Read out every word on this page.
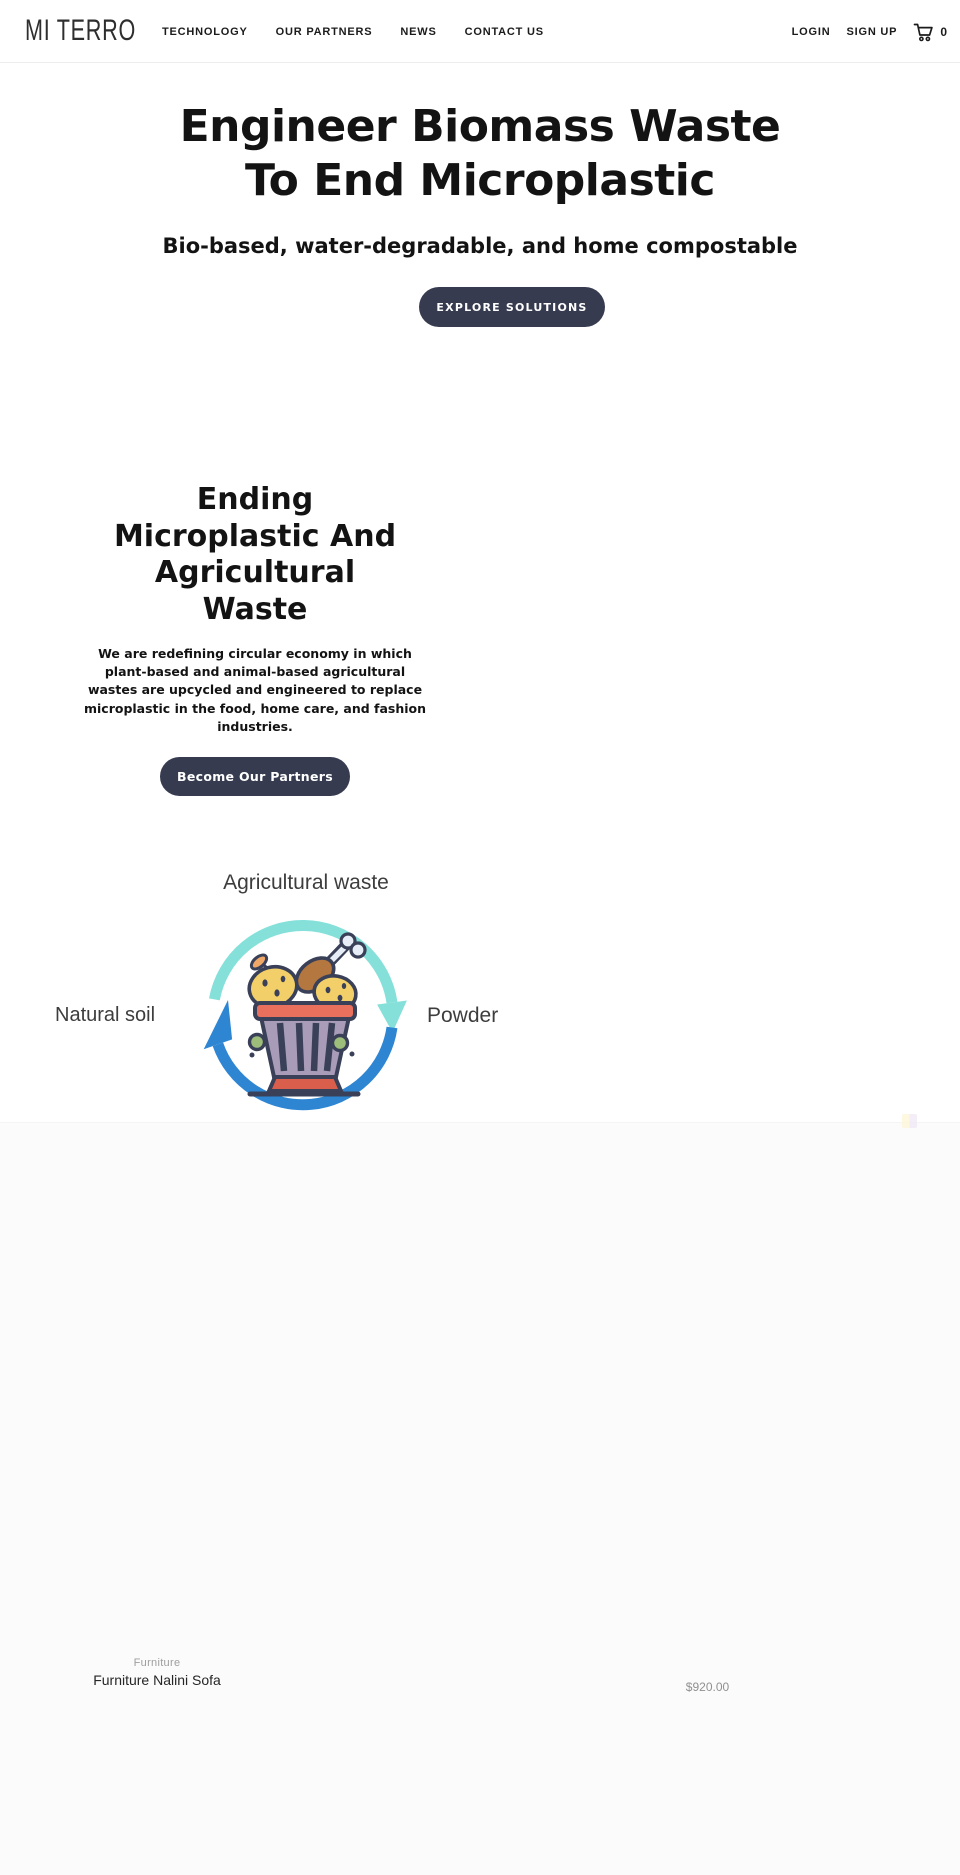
MI TERRO TECHNOLOGY	OUR PARTNERS	NEWS	CONTACT US	LOGIN SIGN UP	0
Engineer Biomass Waste
To End Microplastic
Bio-based, water-degradable, and home compostable
EXPLORE SOLUTIONS
Ending
Microplastic And
Agricultural
Waste
We are redefining circular economy in which plant-based and animal-based agricultural wastes are upcycled and engineered to replace microplastic in the food, home care, and fashion industries.
Become Our Partners
Agricultural waste
Natural soil	Powder
Furniture
Furniture Nalini Sofa	$920.00
